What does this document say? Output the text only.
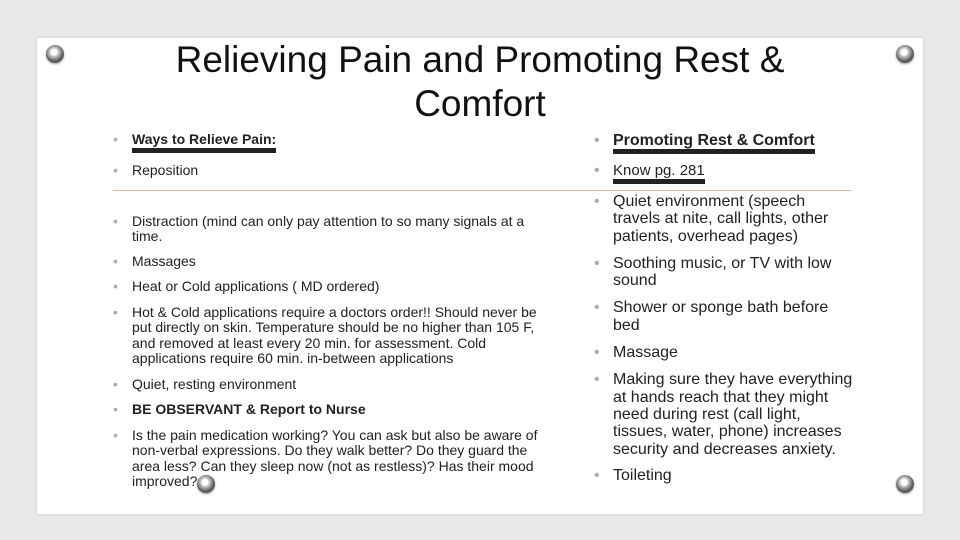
Relieving Pain and Promoting Rest & Comfort
•	Ways to Relieve Pain:
•	Reposition
•	Distraction (mind can only pay attention to so many signals at a time.
•	Massages
•	Heat or Cold applications ( MD ordered)
•	Hot & Cold applications require a doctors order!! Should never be put directly on skin. Temperature should be no higher than 105 F, and removed at least every 20 min. for assessment. Cold applications require 60 min. in-between applications
•	Quiet, resting environment
•	BE OBSERVANT & Report to Nurse
•	Is the pain medication working? You can ask but also be aware of non-verbal expressions. Do they walk better? Do they guard the area less? Can they sleep now (not as restless)? Has their mood improved?
• Promoting Rest & Comfort
• Know pg. 281
• Quiet environment (speech travels at nite, call lights, other patients, overhead pages)
• Soothing music, or TV with low sound
• Shower or sponge bath before bed
• Massage
• Making sure they have everything at hands reach that they might need during rest (call light, tissues, water, phone) increases security and decreases anxiety.
• Toileting
